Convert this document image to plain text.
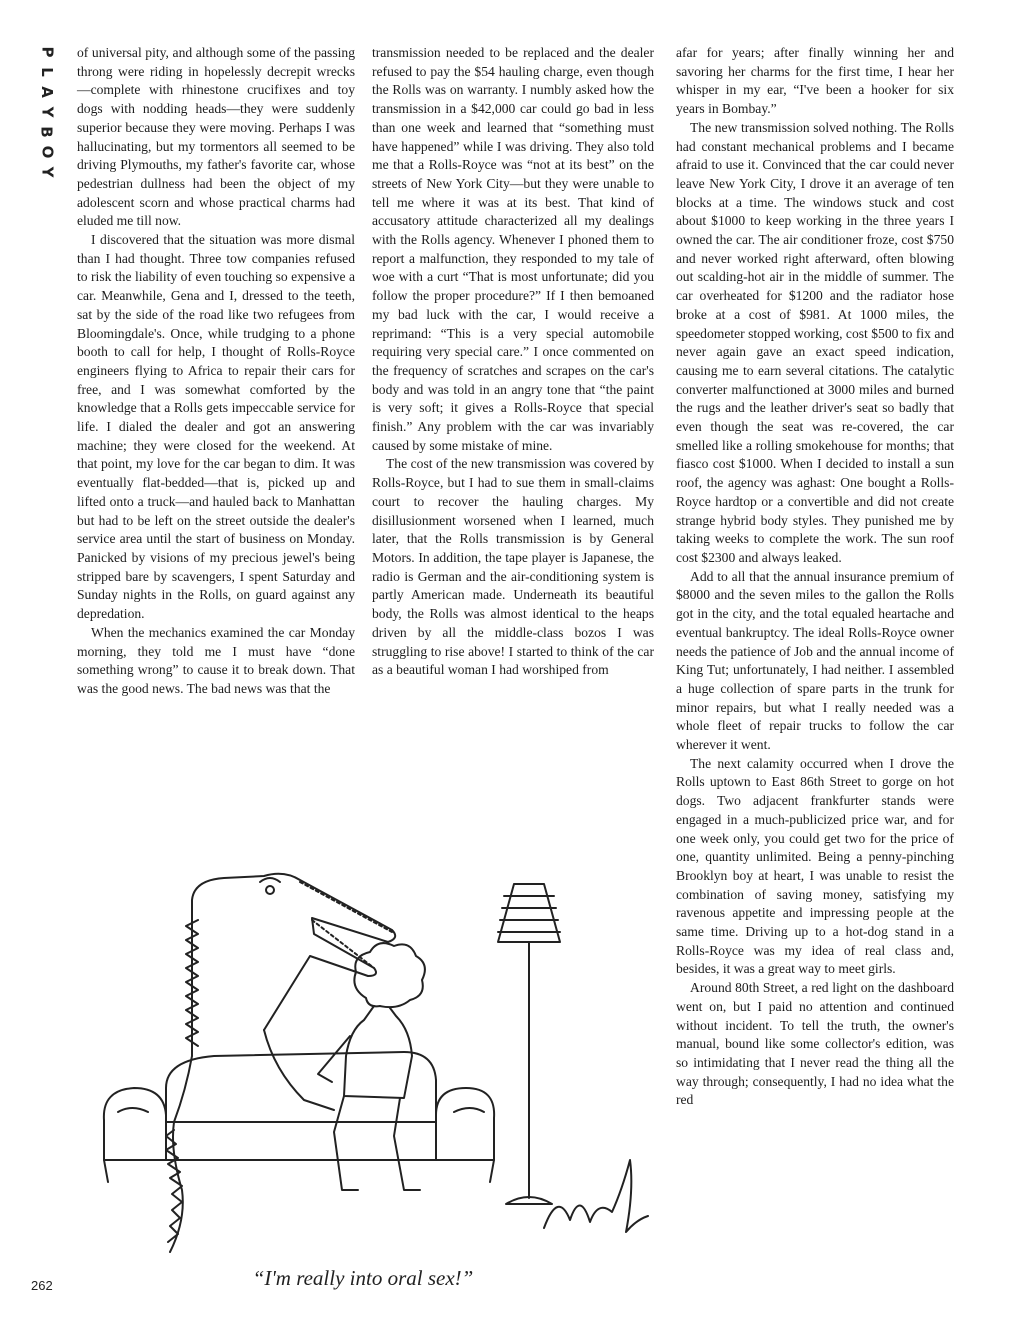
P
L
A
Y
B
O
Y

of universal pity, and although some of the passing throng were riding in hopelessly decrepit wrecks—complete with rhinestone crucifixes and toy dogs with nodding heads—they were suddenly superior because they were moving. Perhaps I was hallucinating, but my tormentors all seemed to be driving Plymouths, my father's favorite car, whose pedestrian dullness had been the object of my adolescent scorn and whose practical charms had eluded me till now.

I discovered that the situation was more dismal than I had thought. Three tow companies refused to risk the liability of even touching so expensive a car. Meanwhile, Gena and I, dressed to the teeth, sat by the side of the road like two refugees from Bloomingdale's. Once, while trudging to a phone booth to call for help, I thought of Rolls-Royce engineers flying to Africa to repair their cars for free, and I was somewhat comforted by the knowledge that a Rolls gets impeccable service for life. I dialed the dealer and got an answering machine; they were closed for the weekend. At that point, my love for the car began to dim. It was eventually flat-bedded—that is, picked up and lifted onto a truck—and hauled back to Manhattan but had to be left on the street outside the dealer's service area until the start of business on Monday. Panicked by visions of my precious jewel's being stripped bare by scavengers, I spent Saturday and Sunday nights in the Rolls, on guard against any depredation.

When the mechanics examined the car Monday morning, they told me I must have “done something wrong” to cause it to break down. That was the good news. The bad news was that the

transmission needed to be replaced and the dealer refused to pay the $54 hauling charge, even though the Rolls was on warranty. I numbly asked how the transmission in a $42,000 car could go bad in less than one week and learned that “something must have happened” while I was driving. They also told me that a Rolls-Royce was “not at its best” on the streets of New York City—but they were unable to tell me where it was at its best. That kind of accusatory attitude characterized all my dealings with the Rolls agency. Whenever I phoned them to report a malfunction, they responded to my tale of woe with a curt “That is most unfortunate; did you follow the proper procedure?” If I then bemoaned my bad luck with the car, I would receive a reprimand: “This is a very special automobile requiring very special care.” I once commented on the frequency of scratches and scrapes on the car's body and was told in an angry tone that “the paint is very soft; it gives a Rolls-Royce that special finish.” Any problem with the car was invariably caused by some mistake of mine.

The cost of the new transmission was covered by Rolls-Royce, but I had to sue them in small-claims court to recover the hauling charges. My disillusionment worsened when I learned, much later, that the Rolls transmission is by General Motors. In addition, the tape player is Japanese, the radio is German and the air-conditioning system is partly American made. Underneath its beautiful body, the Rolls was almost identical to the heaps driven by all the middle-class bozos I was struggling to rise above! I started to think of the car as a beautiful woman I had worshiped from

afar for years; after finally winning her and savoring her charms for the first time, I hear her whisper in my ear, “I've been a hooker for six years in Bombay.”

The new transmission solved nothing. The Rolls had constant mechanical problems and I became afraid to use it. Convinced that the car could never leave New York City, I drove it an average of ten blocks at a time. The windows stuck and cost about $1000 to keep working in the three years I owned the car. The air conditioner froze, cost $750 and never worked right afterward, often blowing out scalding-hot air in the middle of summer. The car overheated for $1200 and the radiator hose broke at a cost of $981. At 1000 miles, the speedometer stopped working, cost $500 to fix and never again gave an exact speed indication, causing me to earn several citations. The catalytic converter malfunctioned at 3000 miles and burned the rugs and the leather driver's seat so badly that even though the seat was re-covered, the car smelled like a rolling smokehouse for months; that fiasco cost $1000. When I decided to install a sun roof, the agency was aghast: One bought a Rolls-Royce hardtop or a convertible and did not create strange hybrid body styles. They punished me by taking weeks to complete the work. The sun roof cost $2300 and always leaked.

Add to all that the annual insurance premium of $8000 and the seven miles to the gallon the Rolls got in the city, and the total equaled heartache and eventual bankruptcy. The ideal Rolls-Royce owner needs the patience of Job and the annual income of King Tut; unfortunately, I had neither. I assembled a huge collection of spare parts in the trunk for minor repairs, but what I really needed was a whole fleet of repair trucks to follow the car wherever it went.

The next calamity occurred when I drove the Rolls uptown to East 86th Street to gorge on hot dogs. Two adjacent frankfurter stands were engaged in a much-publicized price war, and for one week only, you could get two for the price of one, quantity unlimited. Being a penny-pinching Brooklyn boy at heart, I was unable to resist the combination of saving money, satisfying my ravenous appetite and impressing people at the same time. Driving up to a hot-dog stand in a Rolls-Royce was my idea of real class and, besides, it was a great way to meet girls.

Around 80th Street, a red light on the dashboard went on, but I paid no attention and continued without incident. To tell the truth, the owner's manual, bound like some collector's edition, was so intimidating that I never read the thing all the way through; consequently, I had no idea what the red

“I'm really into oral sex!”
262
